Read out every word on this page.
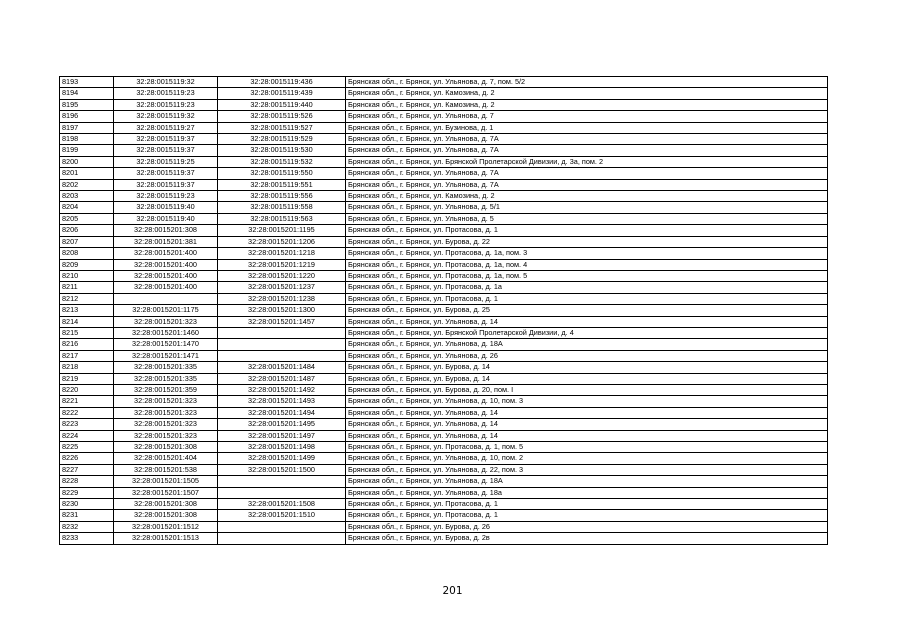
8193	32:28:0015119:32	32:28:0015119:436	Брянская обл., г. Брянск, ул. Ульянова, д. 7, пом. 5/2
8194	32:28:0015119:23	32:28:0015119:439	Брянская обл., г. Брянск, ул. Камозина, д. 2
8195	32:28:0015119:23	32:28:0015119:440	Брянская обл., г. Брянск, ул. Камозина, д. 2
8196	32:28:0015119:32	32:28:0015119:526	Брянская обл., г. Брянск, ул. Ульянова, д. 7
8197	32:28:0015119:27	32:28:0015119:527	Брянская обл., г. Брянск, ул. Бузинова, д. 1
8198	32:28:0015119:37	32:28:0015119:529	Брянская обл., г. Брянск, ул. Ульянова, д. 7А
8199	32:28:0015119:37	32:28:0015119:530	Брянская обл., г. Брянск, ул. Ульянова, д. 7А
8200	32:28:0015119:25	32:28:0015119:532	Брянская обл., г. Брянск, ул. Брянской Пролетарской Дивизии, д. 3а, пом. 2
8201	32:28:0015119:37	32:28:0015119:550	Брянская обл., г. Брянск, ул. Ульянова, д. 7А
8202	32:28:0015119:37	32:28:0015119:551	Брянская обл., г. Брянск, ул. Ульянова, д. 7А
8203	32:28:0015119:23	32:28:0015119:556	Брянская обл., г. Брянск, ул. Камозина, д. 2
8204	32:28:0015119:40	32:28:0015119:558	Брянская обл., г. Брянск, ул. Ульянова, д. 5/1
8205	32:28:0015119:40	32:28:0015119:563	Брянская обл., г. Брянск, ул. Ульянова, д. 5
8206	32:28:0015201:308	32:28:0015201:1195	Брянская обл., г. Брянск, ул. Протасова, д. 1
8207	32:28:0015201:381	32:28:0015201:1206	Брянская обл., г. Брянск, ул. Бурова, д. 22
8208	32:28:0015201:400	32:28:0015201:1218	Брянская обл., г. Брянск, ул. Протасова, д. 1а, пом. 3
8209	32:28:0015201:400	32:28:0015201:1219	Брянская обл., г. Брянск, ул. Протасова, д. 1а, пом. 4
8210	32:28:0015201:400	32:28:0015201:1220	Брянская обл., г. Брянск, ул. Протасова, д. 1а, пом. 5
8211	32:28:0015201:400	32:28:0015201:1237	Брянская обл., г. Брянск, ул. Протасова, д. 1а
8212		32:28:0015201:1238	Брянская обл., г. Брянск, ул. Протасова, д. 1
8213	32:28:0015201:1175	32:28:0015201:1300	Брянская обл., г. Брянск, ул. Бурова, д. 25
8214	32:28:0015201:323	32:28:0015201:1457	Брянская обл., г. Брянск, ул. Ульянова, д. 14
8215	32:28:0015201:1460		Брянская обл., г. Брянск, ул. Брянской Пролетарской Дивизии, д. 4
8216	32:28:0015201:1470		Брянская обл., г. Брянск, ул. Ульянова, д. 18А
8217	32:28:0015201:1471		Брянская обл., г. Брянск, ул. Ульянова, д. 26
8218	32:28:0015201:335	32:28:0015201:1484	Брянская обл., г. Брянск, ул. Бурова, д. 14
8219	32:28:0015201:335	32:28:0015201:1487	Брянская обл., г. Брянск, ул. Бурова, д. 14
8220	32:28:0015201:359	32:28:0015201:1492	Брянская обл., г. Брянск, ул. Бурова, д. 20, пом. I
8221	32:28:0015201:323	32:28:0015201:1493	Брянская обл., г. Брянск, ул. Ульянова, д. 10, пом. 3
8222	32:28:0015201:323	32:28:0015201:1494	Брянская обл., г. Брянск, ул. Ульянова, д. 14
8223	32:28:0015201:323	32:28:0015201:1495	Брянская обл., г. Брянск, ул. Ульянова, д. 14
8224	32:28:0015201:323	32:28:0015201:1497	Брянская обл., г. Брянск, ул. Ульянова, д. 14
8225	32:28:0015201:308	32:28:0015201:1498	Брянская обл., г. Брянск, ул. Протасова, д. 1, пом. 5
8226	32:28:0015201:404	32:28:0015201:1499	Брянская обл., г. Брянск, ул. Ульянова, д. 10, пом. 2
8227	32:28:0015201:538	32:28:0015201:1500	Брянская обл., г. Брянск, ул. Ульянова, д. 22, пом. 3
8228	32:28:0015201:1505		Брянская обл., г. Брянск, ул. Ульянова, д. 18А
8229	32:28:0015201:1507		Брянская обл., г. Брянск, ул. Ульянова, д. 18а
8230	32:28:0015201:308	32:28:0015201:1508	Брянская обл., г. Брянск, ул. Протасова, д. 1
8231	32:28:0015201:308	32:28:0015201:1510	Брянская обл., г. Брянск, ул. Протасова, д. 1
8232	32:28:0015201:1512		Брянская обл., г. Брянск, ул. Бурова, д. 26
8233	32:28:0015201:1513		Брянская обл., г. Брянск, ул. Бурова, д. 2в
201
